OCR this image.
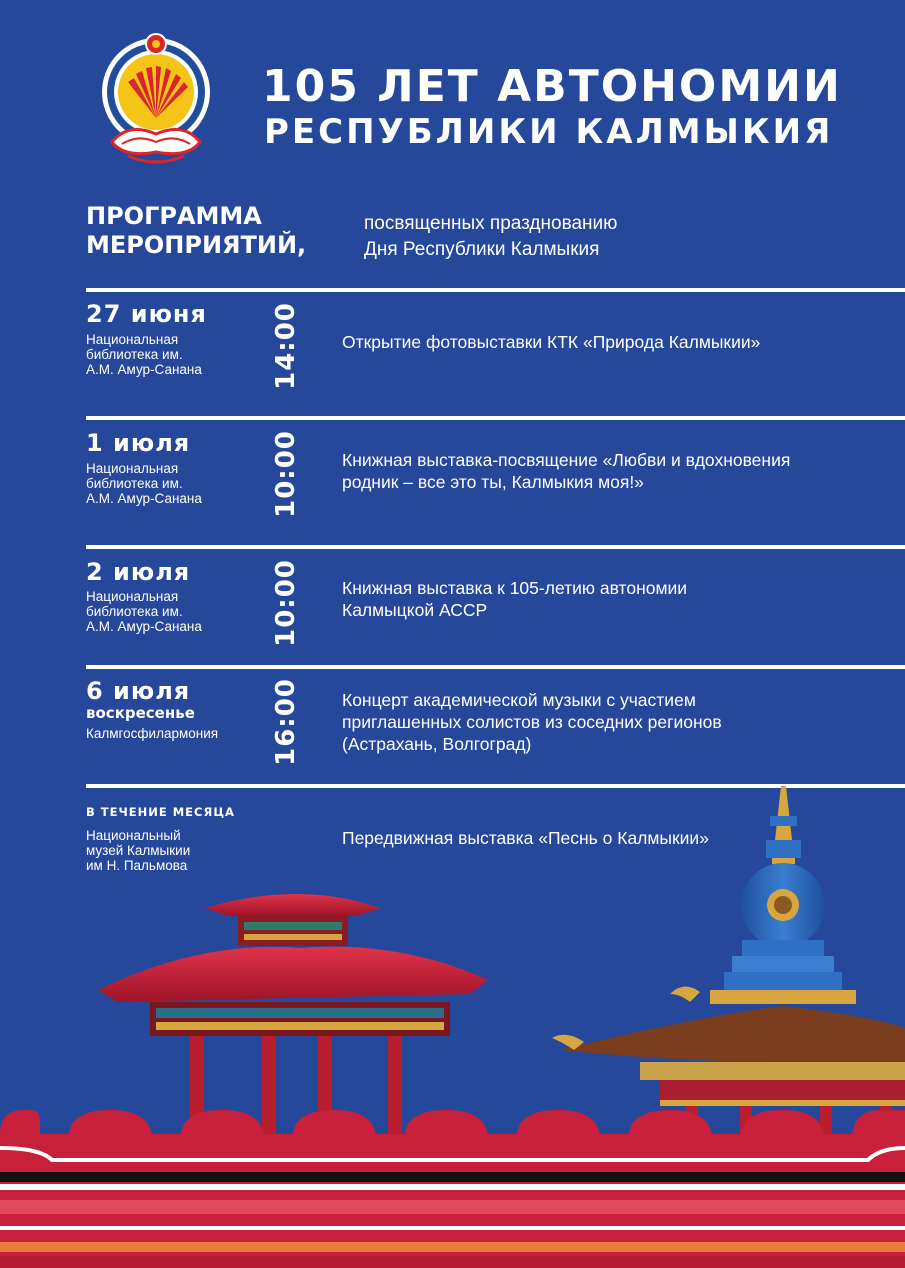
105 ЛЕТ АВТОНОМИИ
РЕСПУБЛИКИ КАЛМЫКИЯ
ПРОГРАММА
МЕРОПРИЯТИЙ,
посвященных празднованию
Дня Республики Калмыкия
27 июня
Национальная
библиотека им.
А.М. Амур-Санана	14:00 Открытие фотовыставки КТК «Природа Калмыкии»
1 июля
Национальная
библиотека им.
А.М. Амур-Санана	10:00 Книжная выставка-посвящение «Любви и вдохновения
родник – все это ты, Калмыкия моя!»
2 июля
Национальная
библиотека им.
А.М. Амур-Санана	10:00 Книжная выставка к 105-летию автономии
Калмыцкой АССР
6 июля
воскресенье
Калмгосфилармония	16:00 Концерт академической музыки с участием
приглашенных солистов из соседних регионов
(Астрахань, Волгоград)
В ТЕЧЕНИЕ МЕСЯЦА
Национальный
музей Калмыкии
им Н. Пальмова
Передвижная выставка «Песнь о Калмыкии»
